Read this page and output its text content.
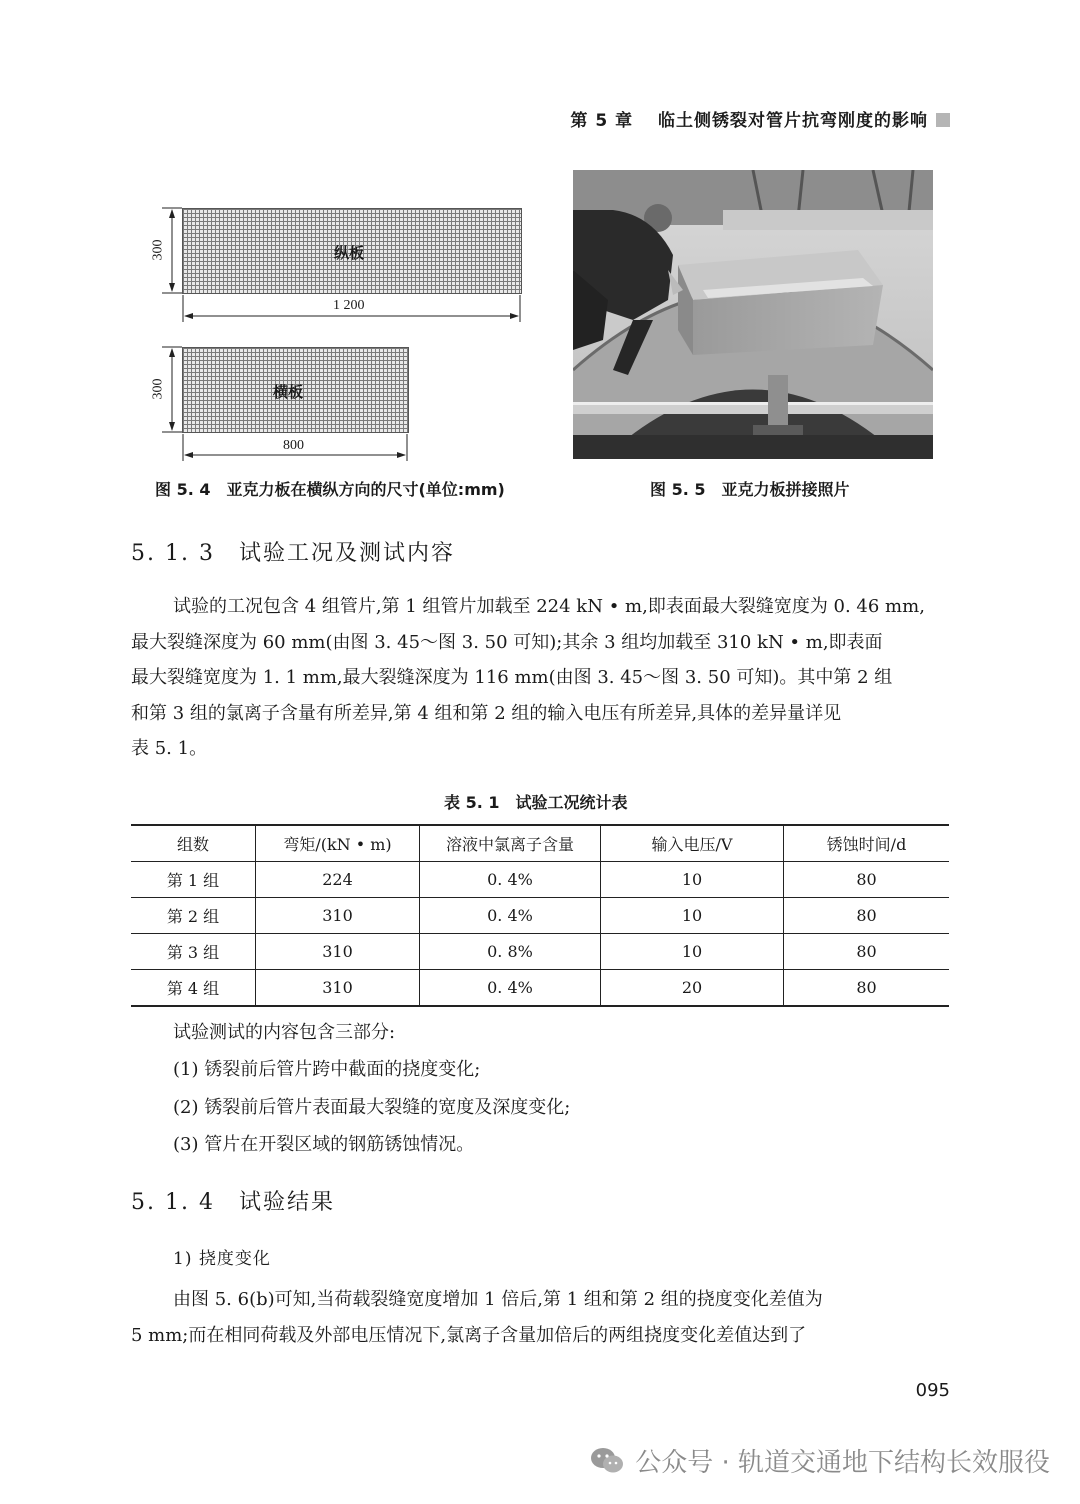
第 5 章　 临土侧锈裂对管片抗弯刚度的影响
纵板
300
1 200
横板
300
800
图 5. 4　亚克力板在横纵方向的尺寸(单位:mm)	图 5. 5　亚克力板拼接照片
5. 1. 3　 试验工况及测试内容
试验的工况包含 4 组管片,第 1 组管片加载至 224 kN • m,即表面最大裂缝宽度为 0. 46 mm,
最大裂缝深度为 60 mm(由图 3. 45～图 3. 50 可知);其余 3 组均加载至 310 kN • m,即表面
最大裂缝宽度为 1. 1 mm,最大裂缝深度为 116 mm(由图 3. 45～图 3. 50 可知)。其中第 2 组
和第 3 组的氯离子含量有所差异,第 4 组和第 2 组的输入电压有所差异,具体的差异量详见
表 5. 1。
表 5. 1　试验工况统计表
组数	弯矩/(kN • m)	溶液中氯离子含量	输入电压/V	锈蚀时间/d
第 1 组	224	0. 4%	10	80
第 2 组	310	0. 4%	10	80
第 3 组	310	0. 8%	10	80
第 4 组	310	0. 4%	20	80
试验测试的内容包含三部分:
(1) 锈裂前后管片跨中截面的挠度变化;
(2) 锈裂前后管片表面最大裂缝的宽度及深度变化;
(3) 管片在开裂区域的钢筋锈蚀情况。
5. 1. 4　 试验结果
1) 挠度变化
由图 5. 6(b)可知,当荷载裂缝宽度增加 1 倍后,第 1 组和第 2 组的挠度变化差值为
5 mm;而在相同荷载及外部电压情况下,氯离子含量加倍后的两组挠度变化差值达到了
095
公众号 · 轨道交通地下结构长效服役
